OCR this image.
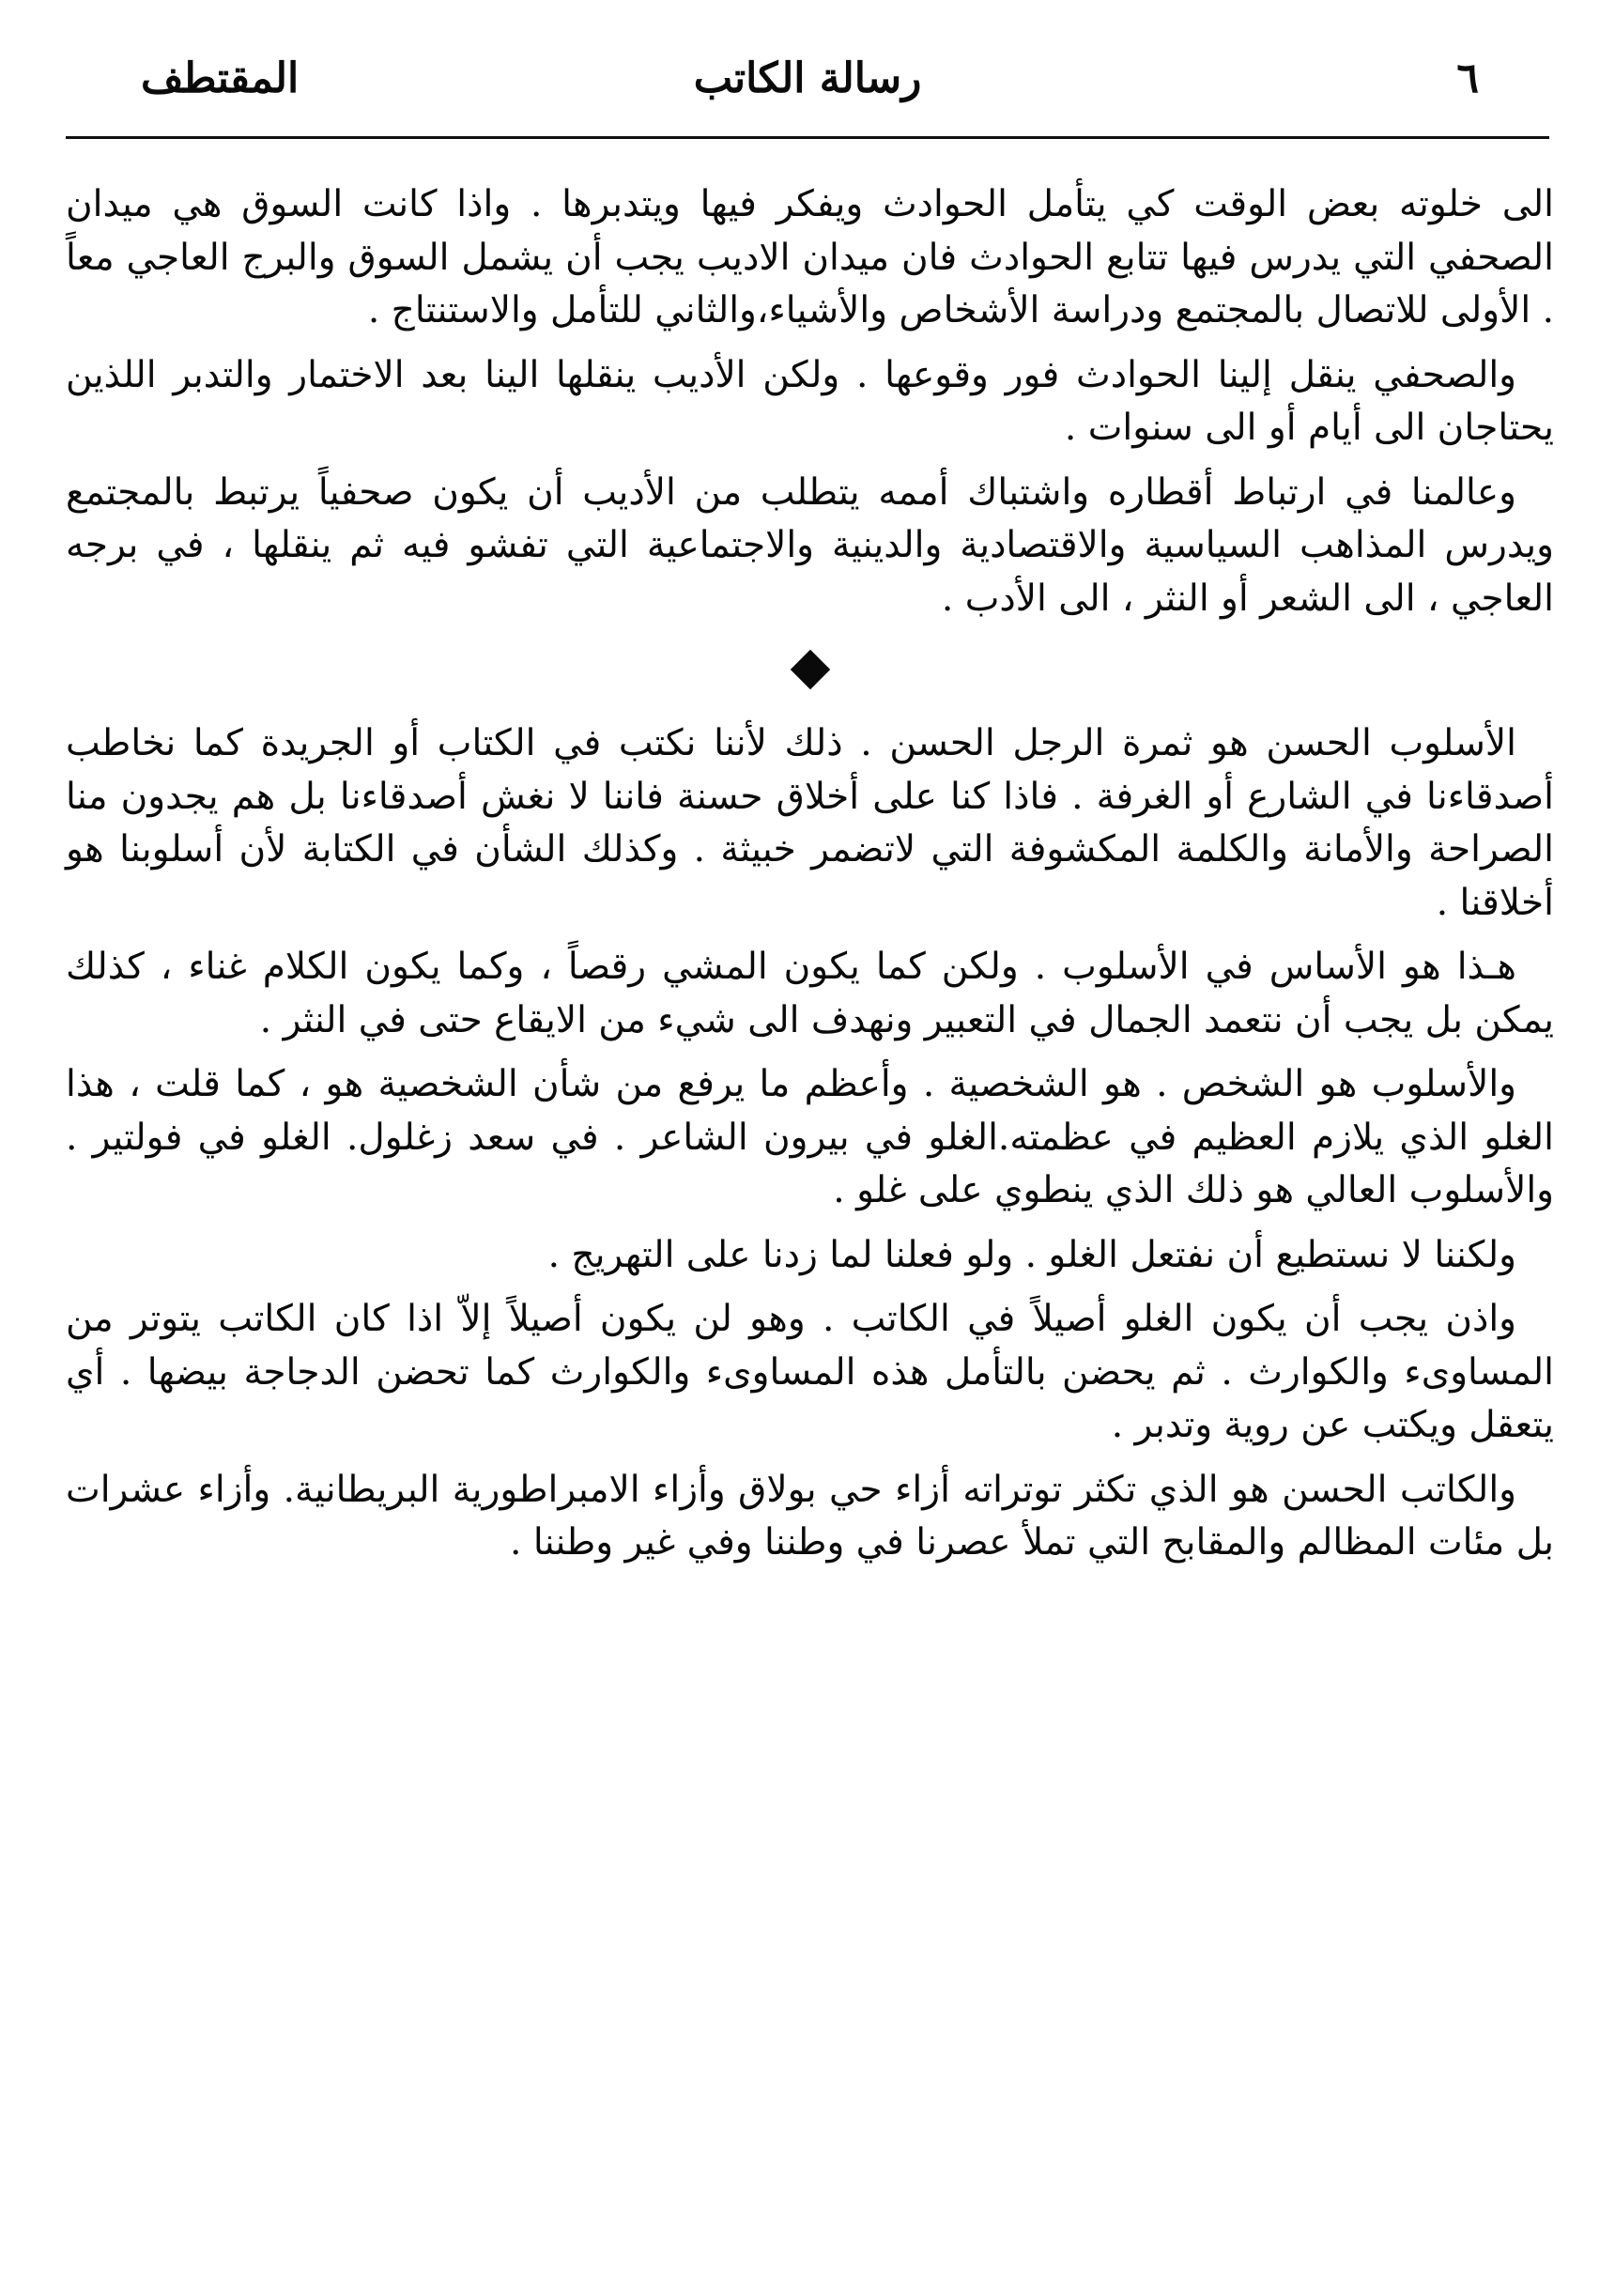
٦
رسالة الكاتب
المقتطف

الى خلوته بعض الوقت كي يتأمل الحوادث ويفكر فيها ويتدبرها . واذا كانت السوق هي ميدان الصحفي التي يدرس فيها تتابع الحوادث فان ميدان الاديب يجب أن يشمل السوق والبرج العاجي معاً . الأولى للاتصال بالمجتمع ودراسة الأشخاص والأشياء،والثاني للتأمل والاستنتاج .

والصحفي ينقل إلينا الحوادث فور وقوعها . ولكن الأديب ينقلها الينا بعد الاختمار والتدبر اللذين يحتاجان الى أيام أو الى سنوات .

وعالمنا في ارتباط أقطاره واشتباك أممه يتطلب من الأديب أن يكون صحفياً يرتبط بالمجتمع ويدرس المذاهب السياسية والاقتصادية والدينية والاجتماعية التي تفشو فيه ثم ينقلها ، في برجه العاجي ، الى الشعر أو النثر ، الى الأدب .

الأسلوب الحسن هو ثمرة الرجل الحسن . ذلك لأننا نكتب في الكتاب أو الجريدة كما نخاطب أصدقاءنا في الشارع أو الغرفة . فاذا كنا على أخلاق حسنة فاننا لا نغش أصدقاءنا بل هم يجدون منا الصراحة والأمانة والكلمة المكشوفة التي لاتضمر خبيثة . وكذلك الشأن في الكتابة لأن أسلوبنا هو أخلاقنا .

هـذا هو الأساس في الأسلوب . ولكن كما يكون المشي رقصاً ، وكما يكون الكلام غناء ، كذلك يمكن بل يجب أن نتعمد الجمال في التعبير ونهدف الى شيء من الايقاع حتى في النثر .

والأسلوب هو الشخص . هو الشخصية . وأعظم ما يرفع من شأن الشخصية هو ، كما قلت ، هذا الغلو الذي يلازم العظيم في عظمته.الغلو في بيرون الشاعر . في سعد زغلول. الغلو في فولتير . والأسلوب العالي هو ذلك الذي ينطوي على غلو .

ولكننا لا نستطيع أن نفتعل الغلو . ولو فعلنا لما زدنا على التهريج .

واذن يجب أن يكون الغلو أصيلاً في الكاتب . وهو لن يكون أصيلاً إلاّ اذا كان الكاتب يتوتر من المساوىء والكوارث . ثم يحضن بالتأمل هذه المساوىء والكوارث كما تحضن الدجاجة بيضها . أي يتعقل ويكتب عن روية وتدبر .

والكاتب الحسن هو الذي تكثر توتراته أزاء حي بولاق وأزاء الامبراطورية البريطانية. وأزاء عشرات بل مئات المظالم والمقابح التي تملأ عصرنا في وطننا وفي غير وطننا .
